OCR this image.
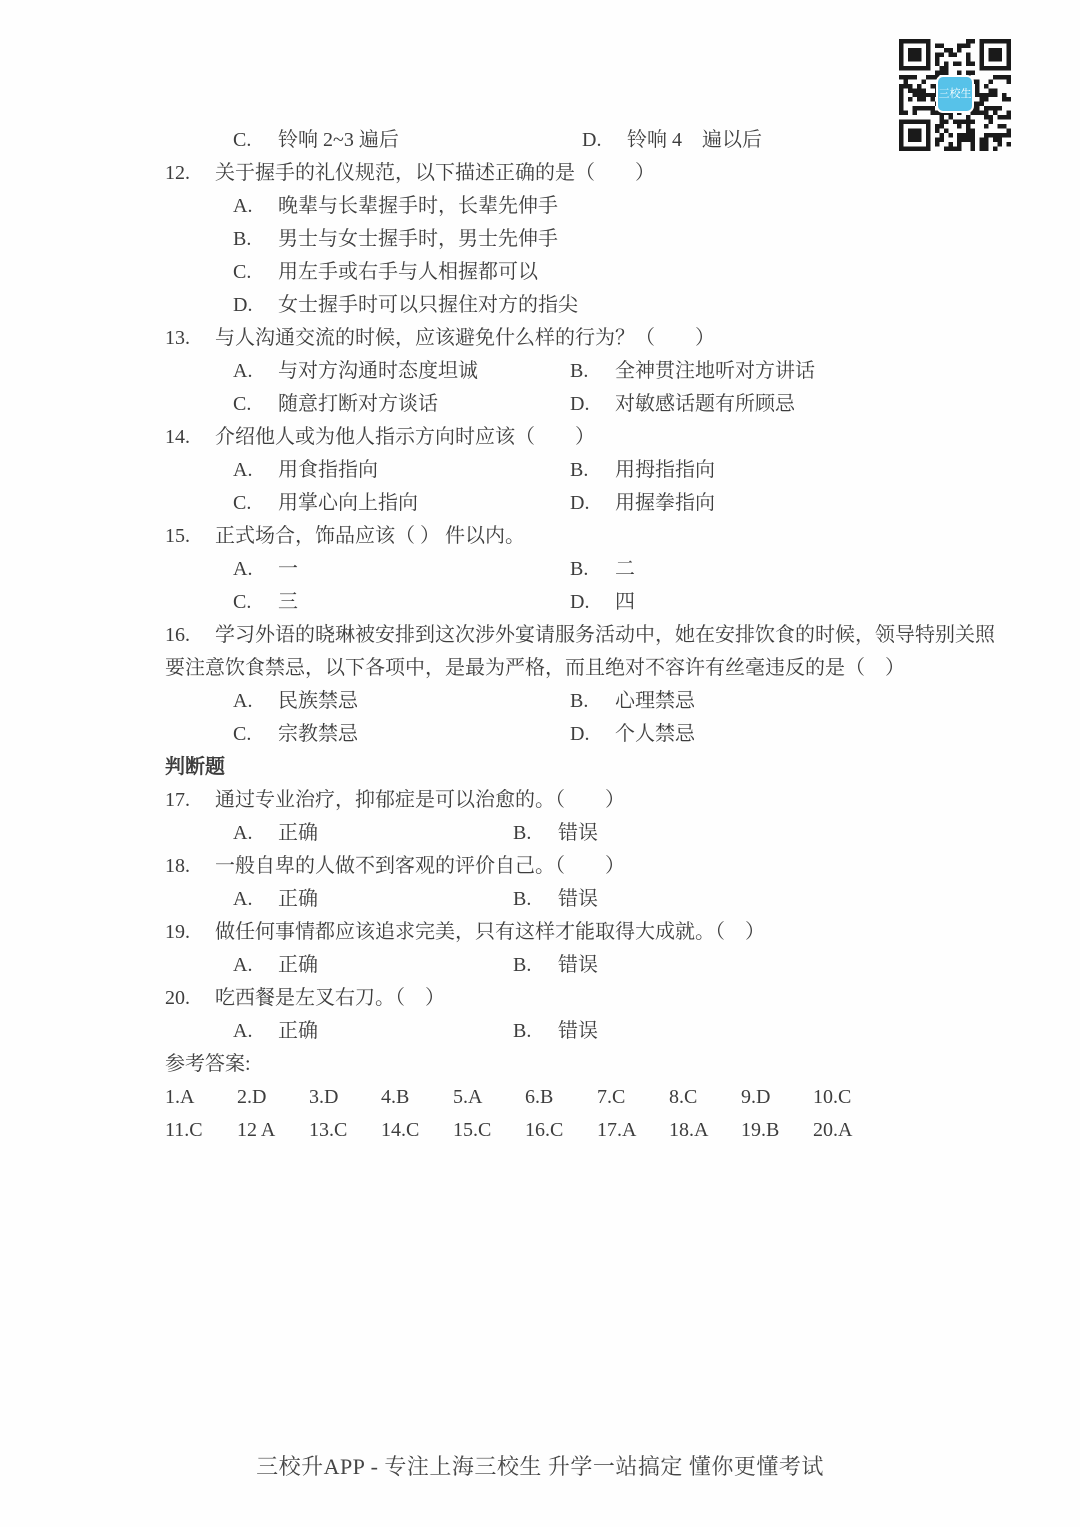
三校生
C. 铃响 2~3 遍后	D. 铃响 4　遍以后
12. 关于握手的礼仪规范，以下描述正确的是（　　）
A. 晚辈与长辈握手时，长辈先伸手
B. 男士与女士握手时，男士先伸手
C. 用左手或右手与人相握都可以
D. 女士握手时可以只握住对方的指尖
13. 与人沟通交流的时候，应该避免什么样的行为？（　　）
A. 与对方沟通时态度坦诚	B. 全神贯注地听对方讲话
C. 随意打断对方谈话	D. 对敏感话题有所顾忌
14. 介绍他人或为他人指示方向时应该（　　）
A. 用食指指向	B. 用拇指指向
C. 用掌心向上指向	D. 用握拳指向
15. 正式场合，饰品应该（ ） 件以内。
A. 一	B. 二
C. 三	D. 四
16. 学习外语的晓琳被安排到这次涉外宴请服务活动中，她在安排饮食的时候，领导特别关照要注意饮食禁忌，以下各项中，是最为严格，而且绝对不容许有丝毫违反的是（　）
A. 民族禁忌	B. 心理禁忌
C. 宗教禁忌	D. 个人禁忌
判断题
17. 通过专业治疗，抑郁症是可以治愈的。（　　）
A. 正确	B. 错误
18. 一般自卑的人做不到客观的评价自己。（　　）
A. 正确	B. 错误
19. 做任何事情都应该追求完美，只有这样才能取得大成就。（　）
A. 正确	B. 错误
20. 吃西餐是左叉右刀。（　）
A. 正确	B. 错误
参考答案:
1.A	2.D	3.D	4.B	5.A	6.B	7.C	8.C	9.D	10.C
11.C	12 A	13.C	14.C	15.C	16.C	17.A	18.A	19.B	20.A
三校升APP - 专注上海三校生 升学一站搞定 懂你更懂考试
